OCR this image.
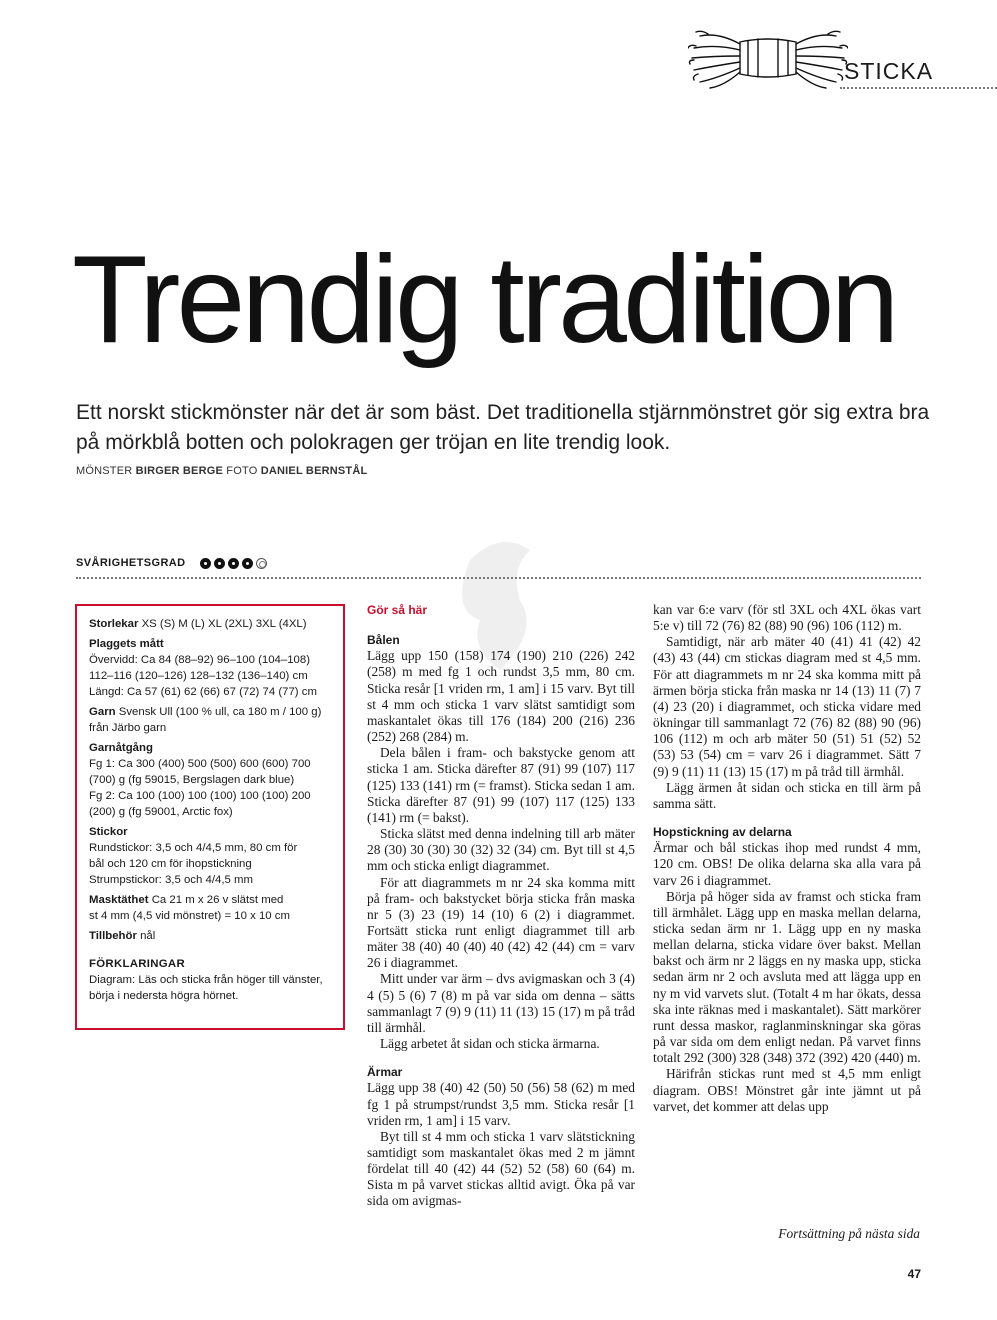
STICKA
Trendig tradition

Ett norskt stickmönster när det är som bäst. Det traditionella stjärnmönstret gör sig extra bra på mörkblå botten och polokragen ger tröjan en lite trendig look.

MÖNSTER BIRGER BERGE FOTO DANIEL BERNSTÅL
SVÅRIGHETSGRAD
Storlekar XS (S) M (L) XL (2XL) 3XL (4XL)
Plaggets mått
Övervidd: Ca 84 (88–92) 96–100 (104–108)
112–116 (120–126) 128–132 (136–140) cm
Längd: Ca 57 (61) 62 (66) 67 (72) 74 (77) cm
Garn Svensk Ull (100 % ull, ca 180 m / 100 g) från Järbo garn
Garnåtgång
Fg 1: Ca 300 (400) 500 (500) 600 (600) 700
(700) g (fg 59015, Bergslagen dark blue)
Fg 2: Ca 100 (100) 100 (100) 100 (100) 200
(200) g (fg 59001, Arctic fox)
Stickor
Rundstickor: 3,5 och 4/4,5 mm, 80 cm för
bål och 120 cm för ihopstickning
Strumpstickor: 3,5 och 4/4,5 mm
Masktäthet Ca 21 m x 26 v slätst med
st 4 mm (4,5 vid mönstret) = 10 x 10 cm
Tillbehör nål
FÖRKLARINGAR
Diagram: Läs och sticka från höger till vänster, börja i nedersta högra hörnet.
Gör så här
Bålen

Lägg upp 150 (158) 174 (190) 210 (226) 242 (258) m med fg 1 och rundst 3,5 mm, 80 cm. Sticka resår [1 vriden rm, 1 am] i 15 varv. Byt till st 4 mm och sticka 1 varv slätst samtidigt som maskantalet ökas till 176 (184) 200 (216) 236 (252) 268 (284) m.

Dela bålen i fram- och bakstycke genom att sticka 1 am. Sticka därefter 87 (91) 99 (107) 117 (125) 133 (141) rm (= framst). Sticka sedan 1 am. Sticka därefter 87 (91) 99 (107) 117 (125) 133 (141) rm (= bakst).

Sticka slätst med denna indelning till arb mäter 28 (30) 30 (30) 30 (32) 32 (34) cm. Byt till st 4,5 mm och sticka enligt diagrammet.

För att diagrammets m nr 24 ska komma mitt på fram- och bakstycket börja sticka från maska nr 5 (3) 23 (19) 14 (10) 6 (2) i diagrammet. Fortsätt sticka runt enligt diagrammet till arb mäter 38 (40) 40 (40) 40 (42) 42 (44) cm = varv 26 i diagrammet.

Mitt under var ärm – dvs avigmaskan och 3 (4) 4 (5) 5 (6) 7 (8) m på var sida om denna – sätts sammanlagt 7 (9) 9 (11) 11 (13) 15 (17) m på tråd till ärmhål.

Lägg arbetet åt sidan och sticka ärmarna.

Ärmar

Lägg upp 38 (40) 42 (50) 50 (56) 58 (62) m med fg 1 på strumpst/rundst 3,5 mm. Sticka resår [1 vriden rm, 1 am] i 15 varv.

Byt till st 4 mm och sticka 1 varv slätstickning samtidigt som maskantalet ökas med 2 m jämnt fördelat till 40 (42) 44 (52) 52 (58) 60 (64) m. Sista m på varvet stickas alltid avigt. Öka på var sida om avigmas-

kan var 6:e varv (för stl 3XL och 4XL ökas vart 5:e v) till 72 (76) 82 (88) 90 (96) 106 (112) m.

Samtidigt, när arb mäter 40 (41) 41 (42) 42 (43) 43 (44) cm stickas diagram med st 4,5 mm. För att diagrammets m nr 24 ska komma mitt på ärmen börja sticka från maska nr 14 (13) 11 (7) 7 (4) 23 (20) i diagrammet, och sticka vidare med ökningar till sammanlagt 72 (76) 82 (88) 90 (96) 106 (112) m och arb mäter 50 (51) 51 (52) 52 (53) 53 (54) cm = varv 26 i diagrammet. Sätt 7 (9) 9 (11) 11 (13) 15 (17) m på tråd till ärmhål.

Lägg ärmen åt sidan och sticka en till ärm på samma sätt.

Hopstickning av delarna

Ärmar och bål stickas ihop med rundst 4 mm, 120 cm. OBS! De olika delarna ska alla vara på varv 26 i diagrammet.

Börja på höger sida av framst och sticka fram till ärmhålet. Lägg upp en maska mellan delarna, sticka sedan ärm nr 1. Lägg upp en ny maska mellan delarna, sticka vidare över bakst. Mellan bakst och ärm nr 2 läggs en ny maska upp, sticka sedan ärm nr 2 och avsluta med att lägga upp en ny m vid varvets slut. (Totalt 4 m har ökats, dessa ska inte räknas med i maskantalet). Sätt markörer runt dessa maskor, raglanminskningar ska göras på var sida om dem enligt nedan. På varvet finns totalt 292 (300) 328 (348) 372 (392) 420 (440) m.

Härifrån stickas runt med st 4,5 mm enligt diagram. OBS! Mönstret går inte jämnt ut på varvet, det kommer att delas upp

Fortsättning på nästa sida
47
